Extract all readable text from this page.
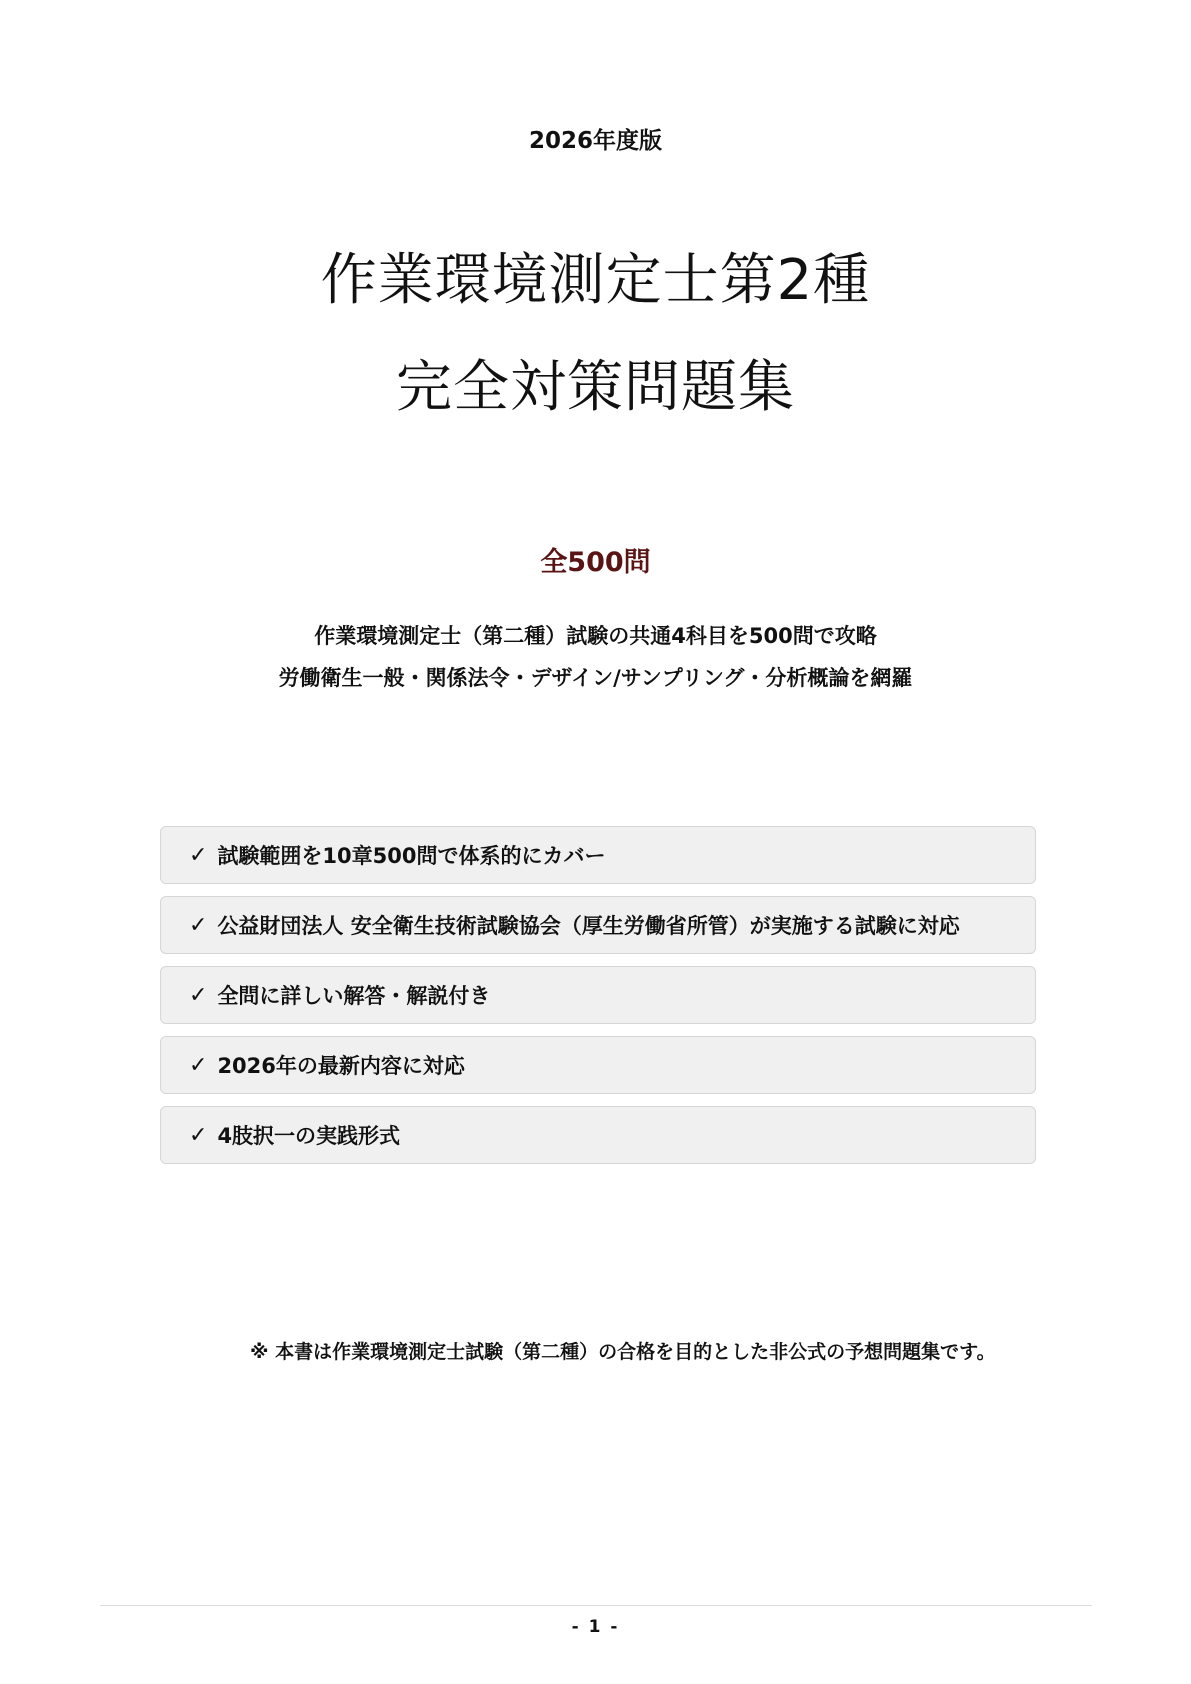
2026年度版
作業環境測定士第2種
完全対策問題集
全500問
作業環境測定士（第二種）試験の共通4科目を500問で攻略
労働衛生一般・関係法令・デザイン/サンプリング・分析概論を網羅
✓ 試験範囲を10章500問で体系的にカバー
✓ 公益財団法人 安全衛生技術試験協会（厚生労働省所管）が実施する試験に対応
✓ 全問に詳しい解答・解説付き
✓ 2026年の最新内容に対応
✓ 4肢択一の実践形式
※ 本書は作業環境測定士試験（第二種）の合格を目的とした非公式の予想問題集です。
- 1 -
